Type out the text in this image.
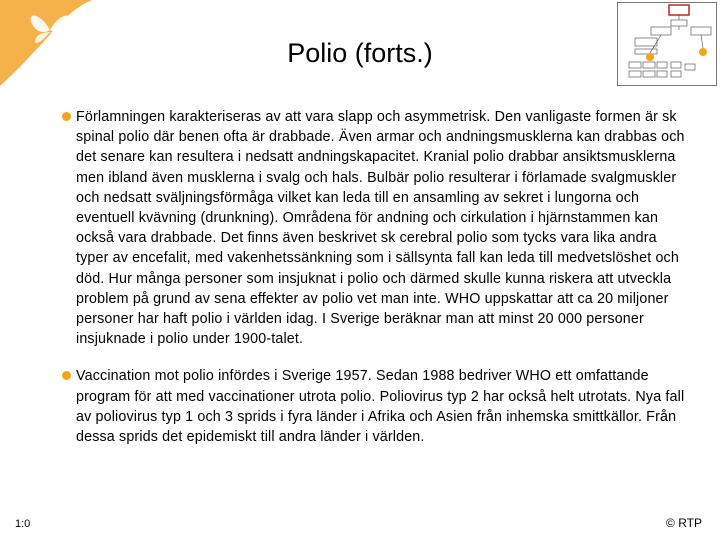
Polio (forts.)
Förlamningen karakteriseras av att vara slapp och asymmetrisk. Den vanligaste formen är sk spinal polio där benen ofta är drabbade. Även armar och andningsmusklerna kan drabbas och det senare kan resultera i nedsatt andningskapacitet. Kranial polio drabbar ansiktsmusklerna men ibland även musklerna i svalg och hals. Bulbär polio resulterar i förlamade svalgmuskler och nedsatt sväljningsförmåga vilket kan leda till en ansamling av sekret i lungorna och eventuell kvävning (drunkning). Områdena för andning och cirkulation i hjärnstammen kan också vara drabbade. Det finns även beskrivet sk cerebral polio som tycks vara lika andra typer av encefalit, med vakenhetssänkning som i sällsynta fall kan leda till medvetslöshet och död. Hur många personer som insjuknat i polio och därmed skulle kunna riskera att utveckla problem på grund av sena effekter av polio vet man inte. WHO uppskattar att ca 20 miljoner personer har haft polio i världen idag. I Sverige beräknar man att minst 20 000 personer insjuknade i polio under 1900-talet.
Vaccination mot polio infördes i Sverige 1957. Sedan 1988 bedriver WHO ett omfattande program för att med vaccinationer utrota polio. Poliovirus typ 2 har också helt utrotats. Nya fall av poliovirus typ 1 och 3 sprids i fyra länder i Afrika och Asien från inhemska smittkällor. Från dessa sprids det epidemiskt till andra länder i världen.
1:0	© RTP
